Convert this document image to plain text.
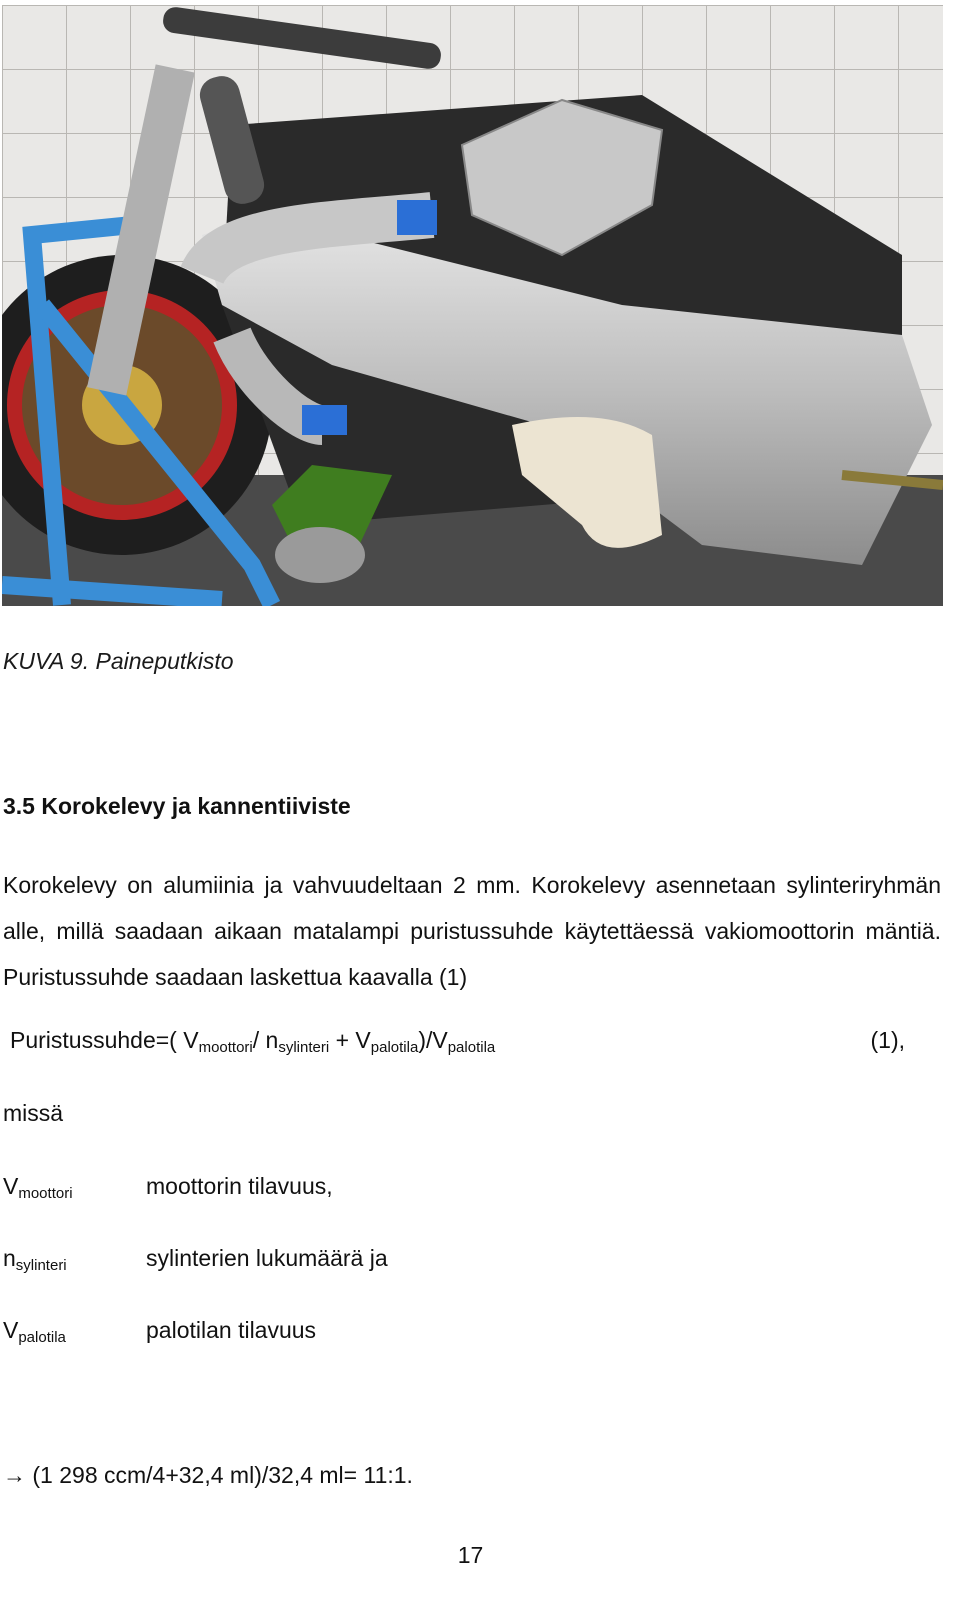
KUVA 9. Paineputkisto
3.5 Korokelevy ja kannentiiviste

Korokelevy on alumiinia ja vahvuudeltaan 2 mm. Korokelevy asennetaan sylinteriryhmän alle, millä saadaan aikaan matalampi puristussuhde käytettäessä vakiomoottorin mäntiä. Puristussuhde saadaan laskettua kaavalla (1)

Puristussuhde=( $V_{moottori}/$ $n_{sylinteri} + V_{palotila})/V_{palotila}$	(1),
missä
$V_{moottori}$	moottorin tilavuus,
$n_{sylinteri}$	sylinterien lukumäärä ja
$V_{palotila}$	palotilan tilavuus
→ (1 298 ccm/4+32,4 ml)/32,4 ml= 11:1.
17
